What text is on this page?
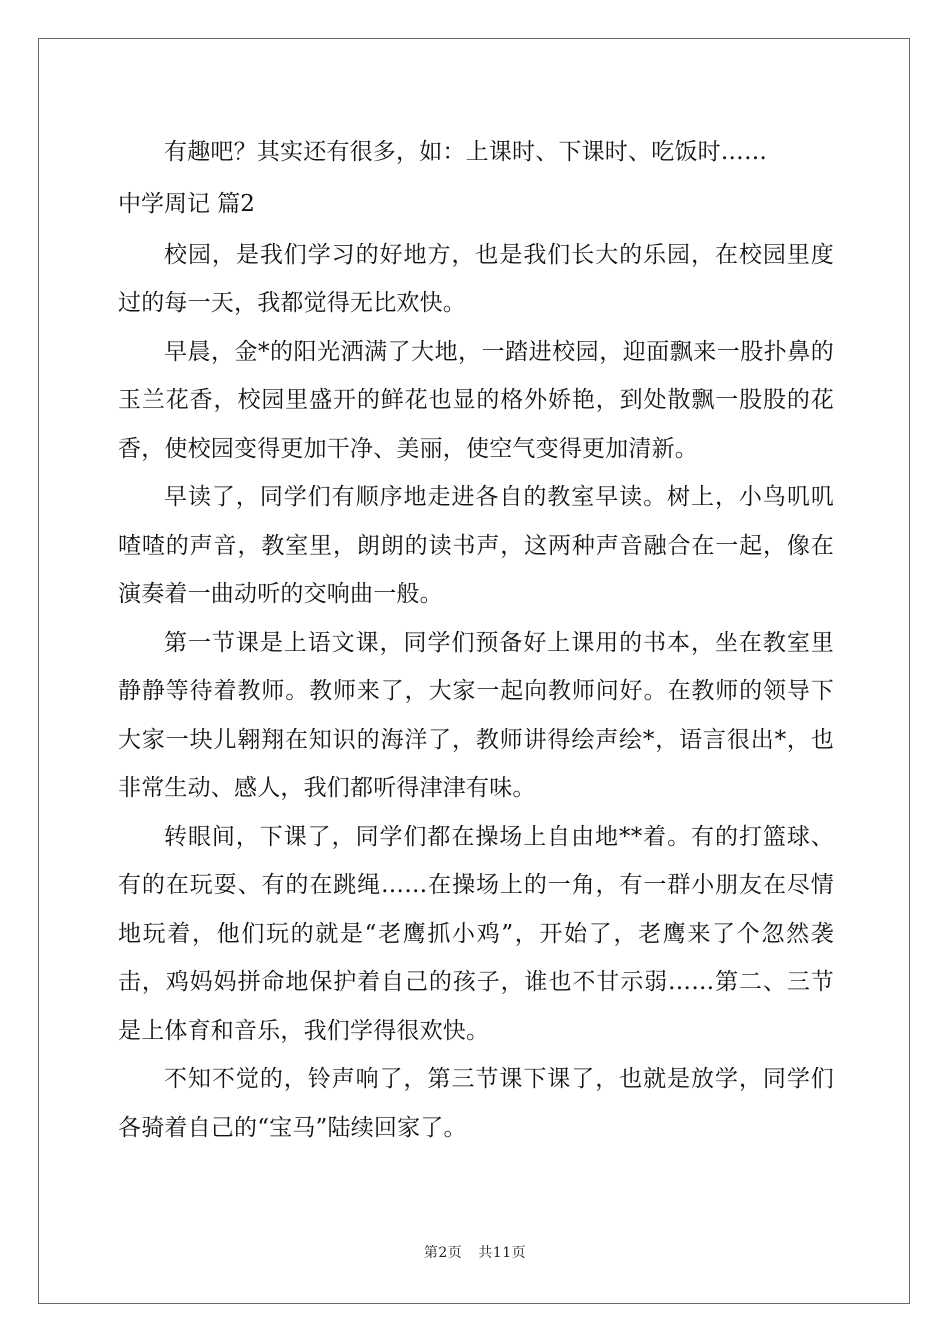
有趣吧？其实还有很多，如：上课时、下课时、吃饭时……

中学周记 篇2

校园，是我们学习的好地方，也是我们长大的乐园，在校园里度过的每一天，我都觉得无比欢快。

早晨，金*的阳光洒满了大地，一踏进校园，迎面飘来一股扑鼻的玉兰花香，校园里盛开的鲜花也显的格外娇艳，到处散飘一股股的花香，使校园变得更加干净、美丽，使空气变得更加清新。

早读了，同学们有顺序地走进各自的教室早读。树上，小鸟叽叽喳喳的声音，教室里，朗朗的读书声，这两种声音融合在一起，像在演奏着一曲动听的交响曲一般。

第一节课是上语文课，同学们预备好上课用的书本，坐在教室里静静等待着教师。教师来了，大家一起向教师问好。在教师的领导下大家一块儿翱翔在知识的海洋了，教师讲得绘声绘*，语言很出*，也非常生动、感人，我们都听得津津有味。

转眼间，下课了，同学们都在操场上自由地**着。有的打篮球、有的在玩耍、有的在跳绳……在操场上的一角，有一群小朋友在尽情地玩着，他们玩的就是“老鹰抓小鸡”，开始了，老鹰来了个忽然袭击，鸡妈妈拼命地保护着自己的孩子，谁也不甘示弱……第二、三节是上体育和音乐，我们学得很欢快。

不知不觉的，铃声响了，第三节课下课了，也就是放学，同学们各骑着自己的“宝马”陆续回家了。

第2页 共11页
